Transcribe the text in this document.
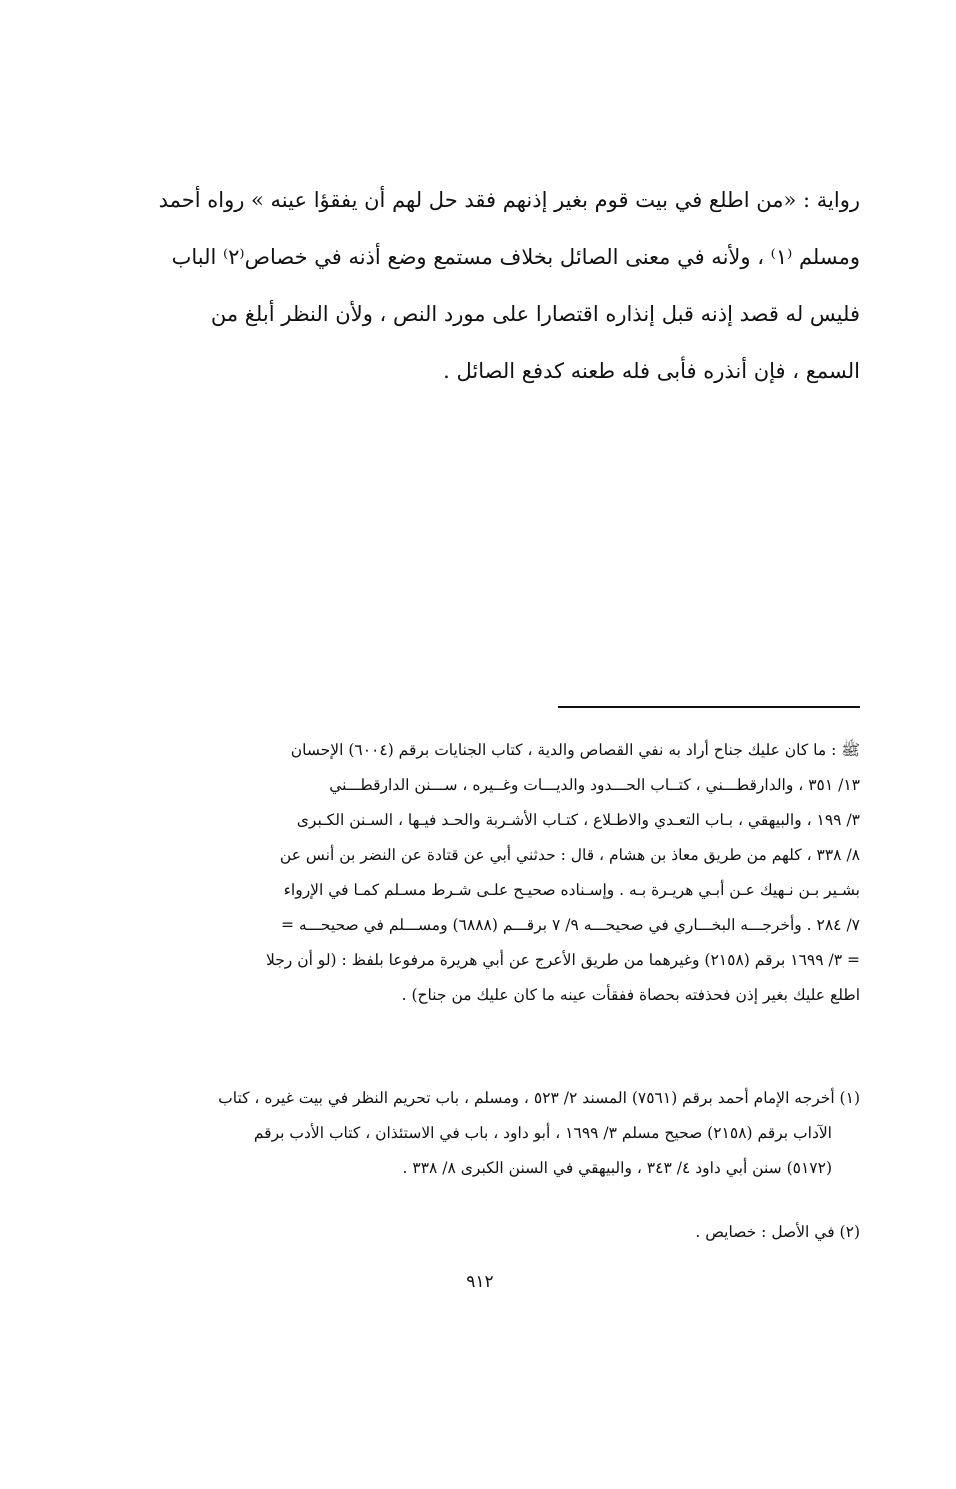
رواية : «من اطلع في بيت قوم بغير إذنهم فقد حل لهم أن يفقؤا عينه » رواه أحمد
ومسلم ⁽١⁾ ، ولأنه في معنى الصائل بخلاف مستمع وضع أذنه في خصاص⁽٢⁾ الباب
فليس له قصد إذنه قبل إنذاره اقتصارا على مورد النص ، ولأن النظر أبلغ من
السمع ، فإن أنذره فأبى فله طعنه كدفع الصائل .
ﷺ : ما كان عليك جناح أراد به نفي القصاص والدية ، كتاب الجنايات برقم (٦٠٠٤) الإحسان
١٣/ ٣٥١ ، والدارقطـــني ، كتــاب الحـــدود والديـــات وغــيره ، ســـنن الدارقطـــني
٣/ ١٩٩ ، والبيهقي ، بـاب التعـدي والاطـلاع ، كتـاب الأشـربة والحـد فيـها ، السـنن الكـبرى
٨/ ٣٣٨ ، كلهم من طريق معاذ بن هشام ، قال : حدثني أبي عن قتادة عن النضر بن أنس عن
بشـير بـن نـهيك عـن أبـي هريـرة بـه . وإسـناده صحيـح علـى شـرط مسـلم كمـا في الإرواء
٧/ ٢٨٤ . وأخرجـــه البخـــاري في صحيحـــه ٩/ ٧ برقـــم (٦٨٨٨) ومســـلم في صحيحـــه =
= ٣/ ١٦٩٩ برقم (٢١٥٨) وغيرهما من طريق الأعرج عن أبي هريرة مرفوعا بلفظ : (لو أن رجلا
اطلع عليك بغير إذن فحذفته بحصاة ففقأت عينه ما كان عليك من جناح) .
(١) أخرجه الإمام أحمد برقم (٧٥٦١) المسند ٢/ ٥٢٣ ، ومسلم ، باب تحريم النظر في بيت غيره ، كتاب
الآداب برقم (٢١٥٨) صحيح مسلم ٣/ ١٦٩٩ ، أبو داود ، باب في الاستئذان ، كتاب الأدب برقم
(٥١٧٢) سنن أبي داود ٤/ ٣٤٣ ، والبيهقي في السنن الكبرى ٨/ ٣٣٨ .
(٢) في الأصل : خصايص .
٩١٢
